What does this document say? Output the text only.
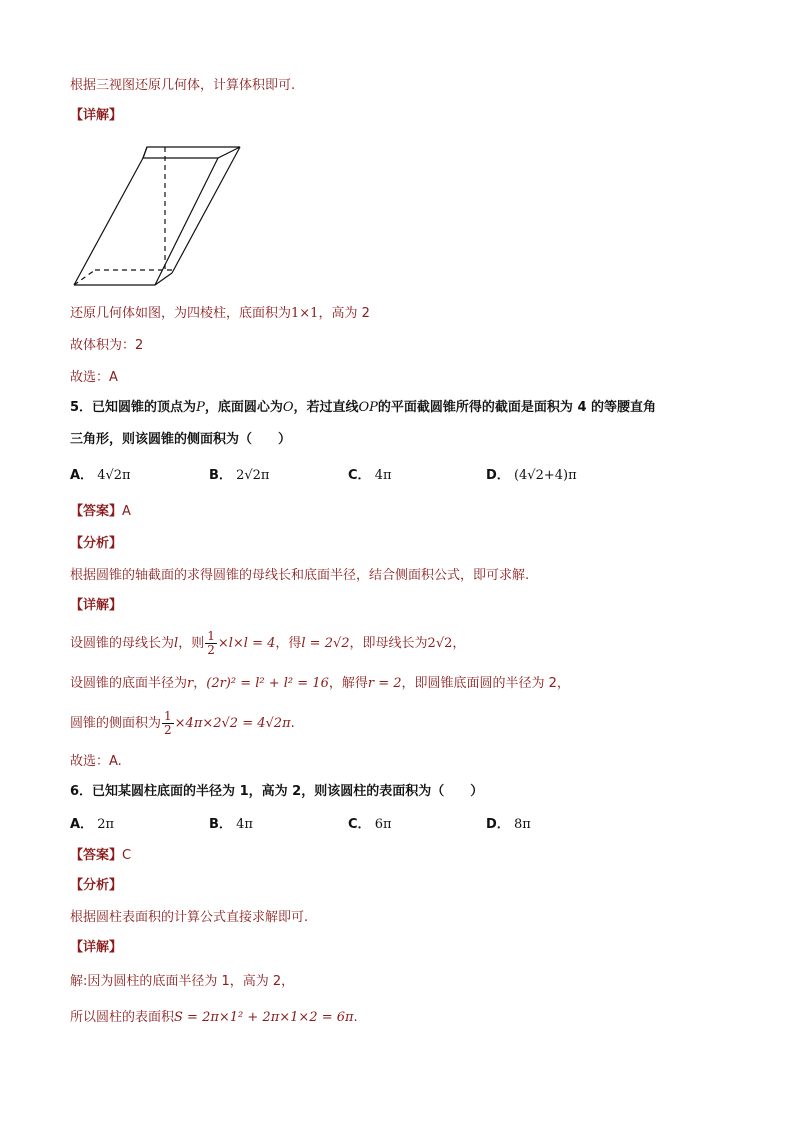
根据三视图还原几何体，计算体积即可.
【详解】
还原几何体如图，为四棱柱，底面积为1×1，高为 2
故体积为：2
故选：A
5．已知圆锥的顶点为P，底面圆心为O，若过直线OP的平面截圆锥所得的截面是面积为 4 的等腰直角
三角形，则该圆锥的侧面积为（　　）
A． 4√2π	B． 2√2π	C． 4π	D． (4√2+4)π
【答案】A
【分析】
根据圆锥的轴截面的求得圆锥的母线长和底面半径，结合侧面积公式，即可求解.
【详解】
设圆锥的母线长为l，则 $\frac{1}{2} \times l\times l = 4$，得l = 2√2，即母线长为2√2，
设圆锥的底面半径为r，(2r)² = l² + l² = 16，解得r = 2，即圆锥底面圆的半径为 2，
圆锥的侧面积为 $\frac{1}{2} \times 4\pi\times 2√2 = 4√2\pi$.
故选：A.
6．已知某圆柱底面的半径为 1，高为 2，则该圆柱的表面积为（　　）
A． 2π	B． 4π	C． 6π	D． 8π
【答案】C
【分析】
根据圆柱表面积的计算公式直接求解即可.
【详解】
解:因为圆柱的底面半径为 1，高为 2，
所以圆柱的表面积S = 2π×1² + 2π×1×2 = 6π.
